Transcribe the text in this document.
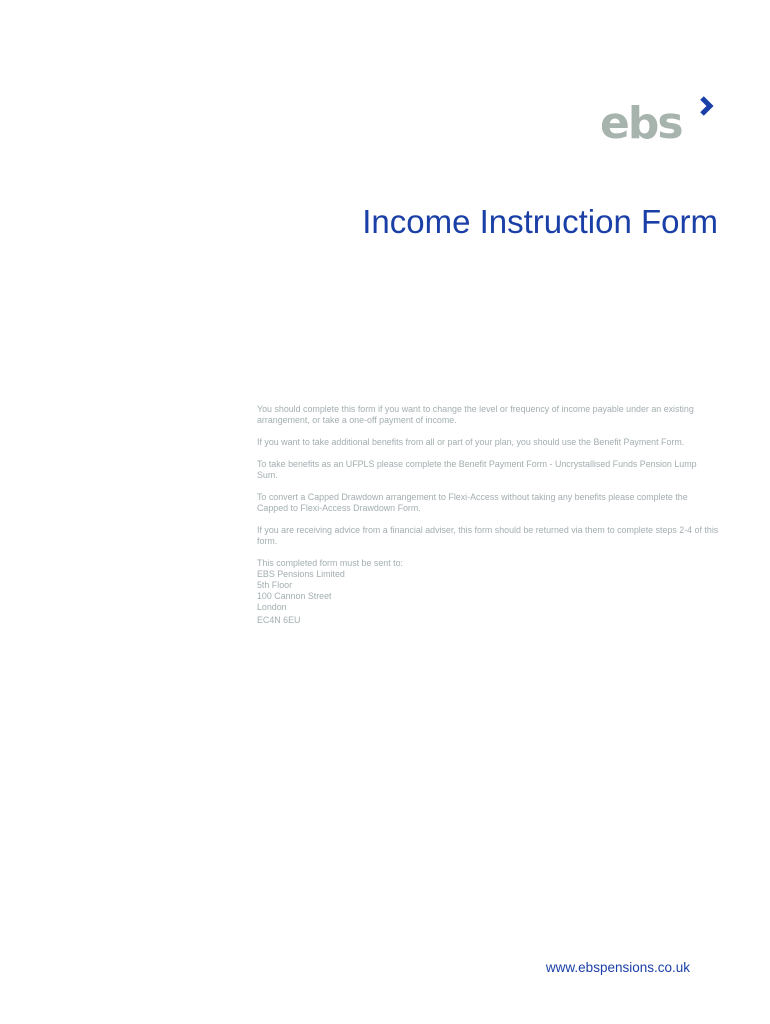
ebs
Income Instruction Form

You should complete this form if you want to change the level or frequency of income payable under an existing arrangement, or take a one-off payment of income.

If you want to take additional benefits from all or part of your plan, you should use the Benefit Payment Form.

To take benefits as an UFPLS please complete the Benefit Payment Form - Uncrystallised Funds Pension Lump Sum.

To convert a Capped Drawdown arrangement to Flexi-Access without taking any benefits please complete the Capped to Flexi-Access Drawdown Form.

If you are receiving advice from a financial adviser, this form should be returned via them to complete steps 2-4 of this form.

This completed form must be sent to:
EBS Pensions Limited
5th Floor
100 Cannon Street
London
EC4N 6EU

www.ebspensions.co.uk
